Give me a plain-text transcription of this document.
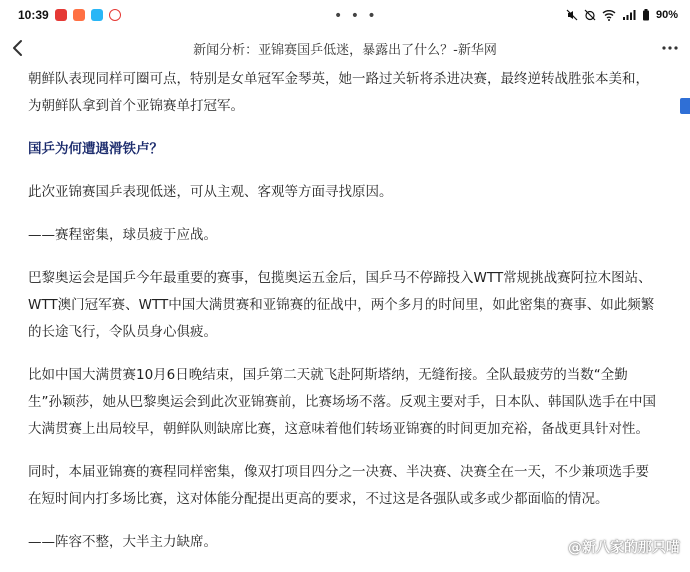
10:39	• • •	90%
新闻分析：亚锦赛国乒低迷，暴露出了什么？-新华网

朝鲜队表现同样可圈可点，特别是女单冠军金琴英，她一路过关斩将杀进决赛，最终逆转战胜张本美和，为朝鲜队拿到首个亚锦赛单打冠军。

国乒为何遭遇滑铁卢？

此次亚锦赛国乒表现低迷，可从主观、客观等方面寻找原因。

——赛程密集，球员疲于应战。

巴黎奥运会是国乒今年最重要的赛事，包揽奥运五金后，国乒马不停蹄投入WTT常规挑战赛阿拉木图站、WTT澳门冠军赛、WTT中国大满贯赛和亚锦赛的征战中，两个多月的时间里，如此密集的赛事、如此频繁的长途飞行，令队员身心俱疲。

比如中国大满贯赛10月6日晚结束，国乒第二天就飞赴阿斯塔纳，无缝衔接。全队最疲劳的当数“全勤生”孙颖莎，她从巴黎奥运会到此次亚锦赛前，比赛场场不落。反观主要对手，日本队、韩国队选手在中国大满贯赛上出局较早，朝鲜队则缺席比赛，这意味着他们转场亚锦赛的时间更加充裕，备战更具针对性。

同时，本届亚锦赛的赛程同样密集，像双打项目四分之一决赛、半决赛、决赛全在一天，不少兼项选手要在短时间内打多场比赛，这对体能分配提出更高的要求，不过这是各强队或多或少都面临的情况。

——阵容不整，大半主力缺席。

@新八家的那只喵
